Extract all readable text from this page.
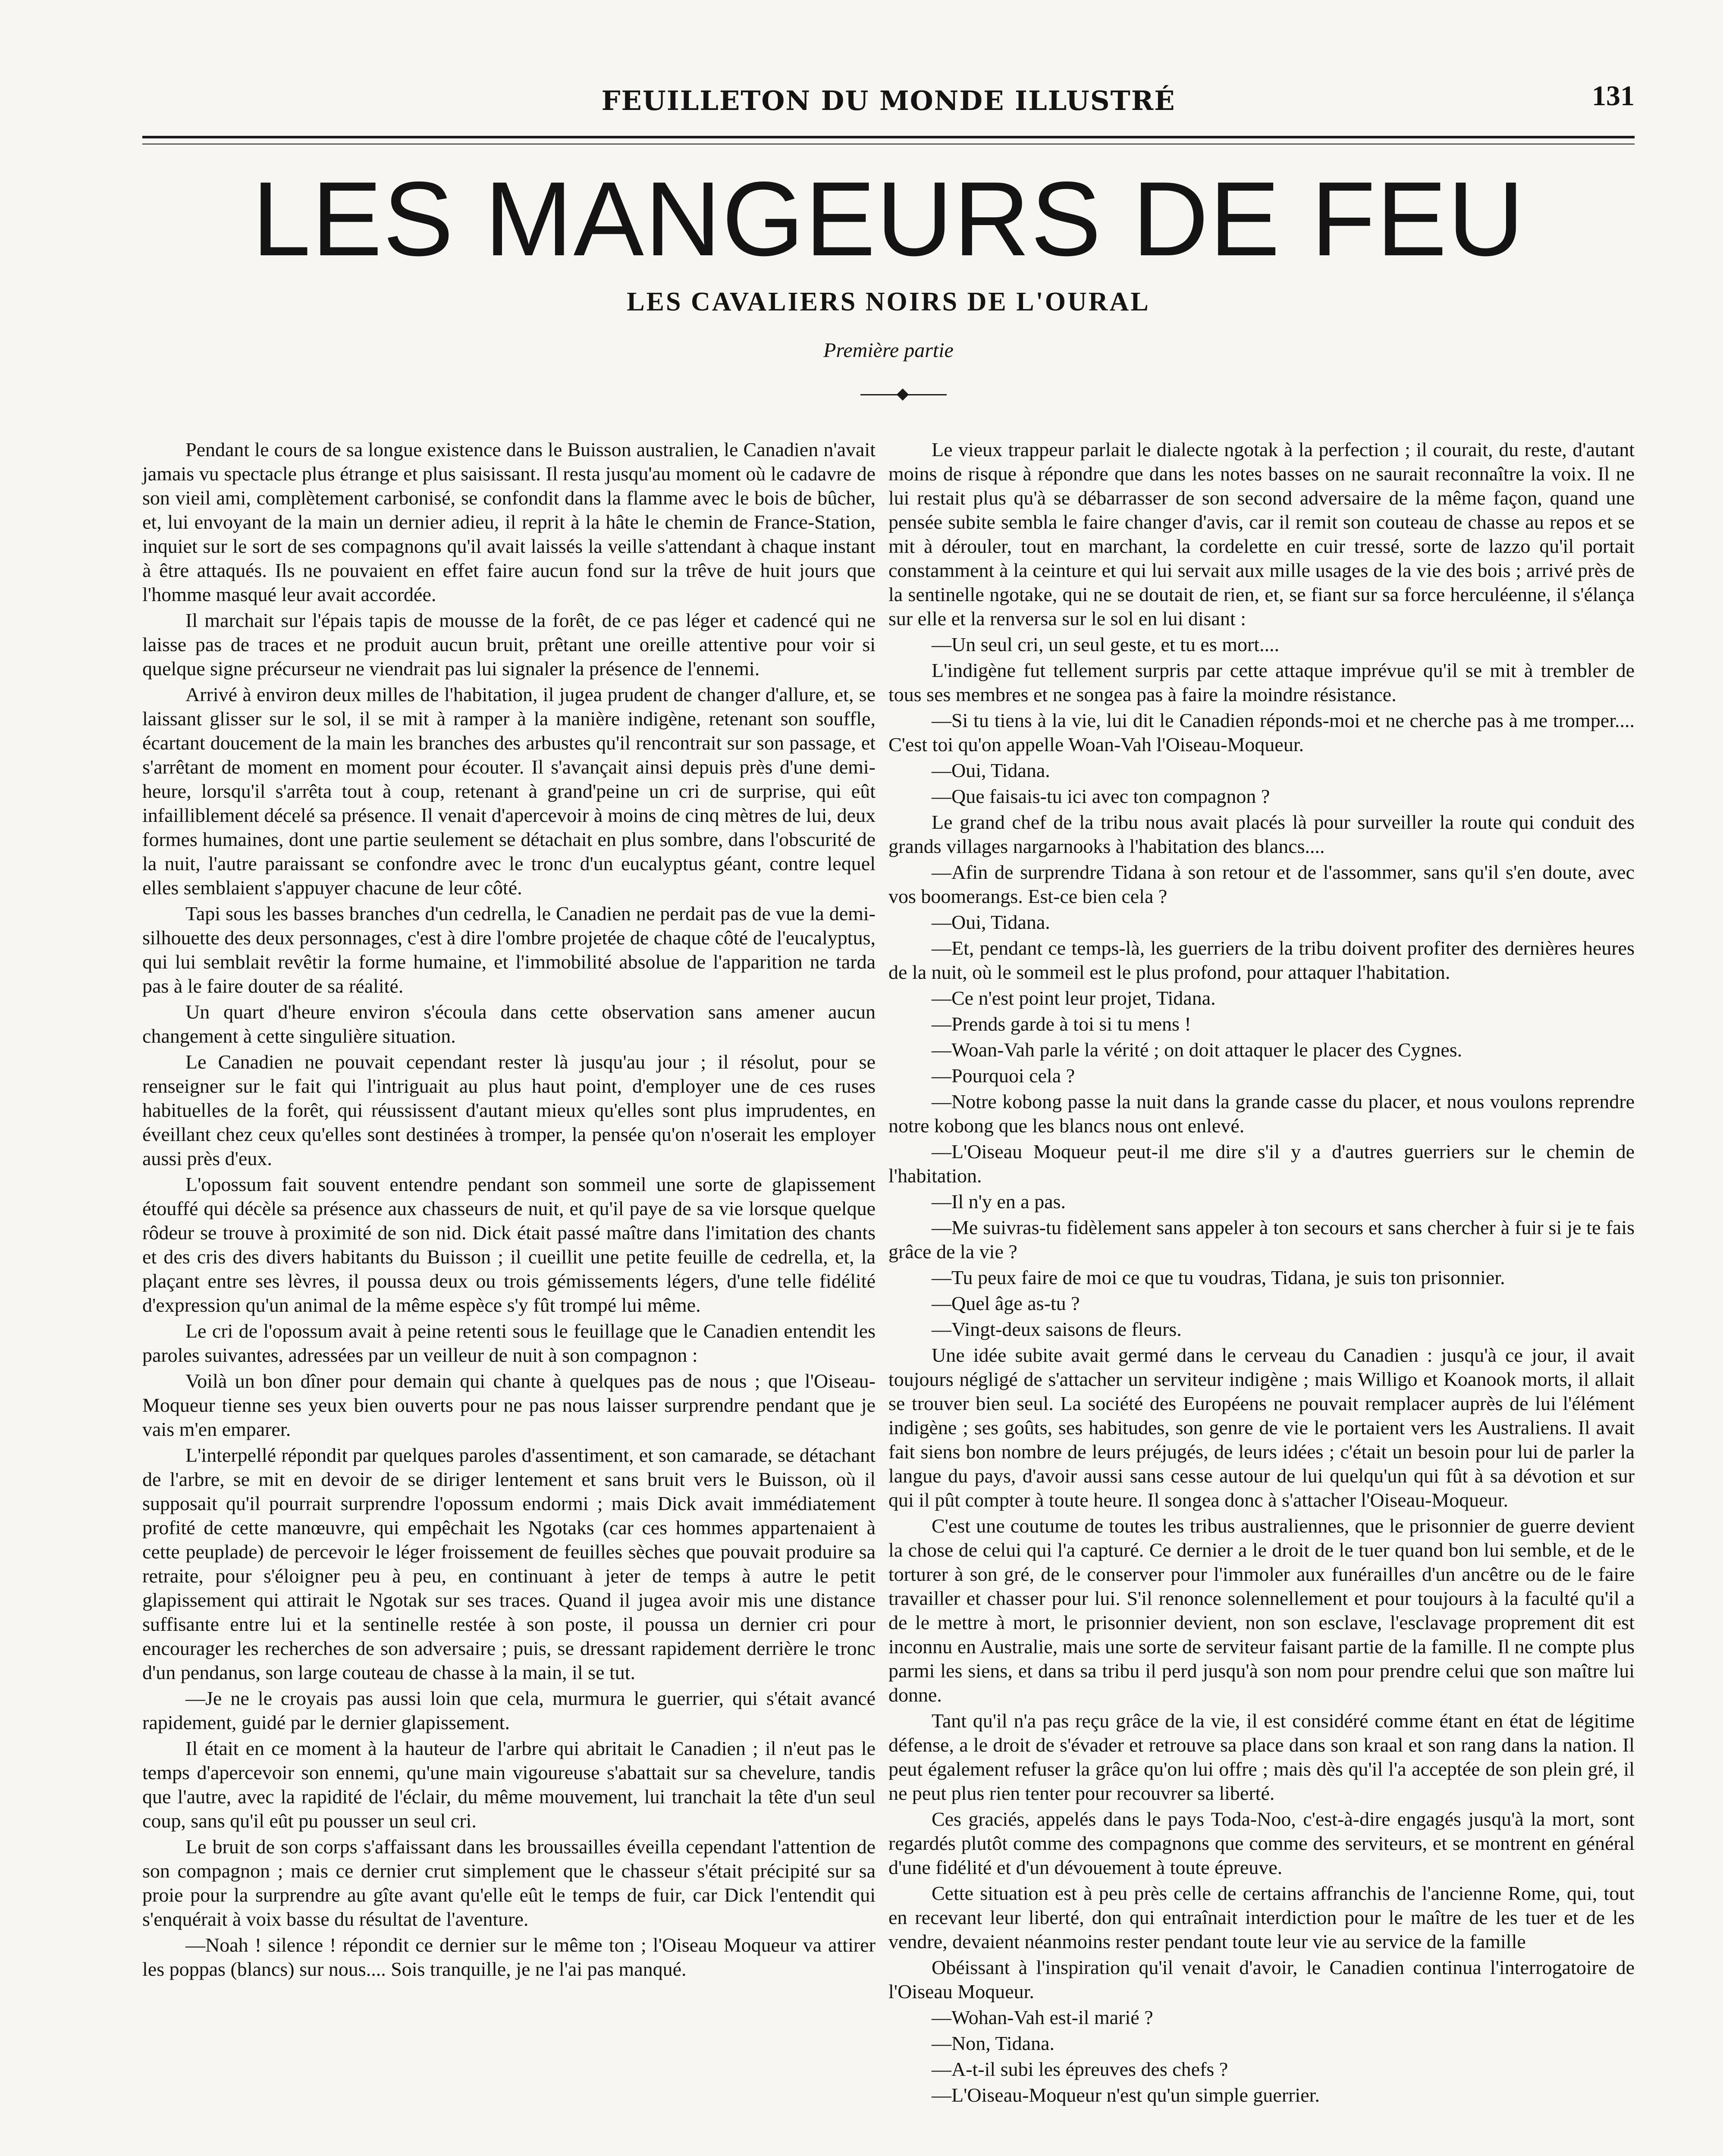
FEUILLETON DU MONDE ILLUSTRÉ	131
LES MANGEURS DE FEU
LES CAVALIERS NOIRS DE L'OURAL
Première partie

Pendant le cours de sa longue existence dans le Buisson australien, le Canadien n'avait jamais vu spectacle plus étrange et plus saisissant. Il resta jusqu'au moment où le cadavre de son vieil ami, complètement carbonisé, se confondit dans la flamme avec le bois de bûcher, et, lui envoyant de la main un dernier adieu, il reprit à la hâte le chemin de France-Station, inquiet sur le sort de ses compagnons qu'il avait laissés la veille s'attendant à chaque instant à être attaqués. Ils ne pouvaient en effet faire aucun fond sur la trêve de huit jours que l'homme masqué leur avait accordée.

Il marchait sur l'épais tapis de mousse de la forêt, de ce pas léger et cadencé qui ne laisse pas de traces et ne produit aucun bruit, prêtant une oreille attentive pour voir si quelque signe précurseur ne viendrait pas lui signaler la présence de l'ennemi.

Arrivé à environ deux milles de l'habitation, il jugea prudent de changer d'allure, et, se laissant glisser sur le sol, il se mit à ramper à la manière indigène, retenant son souffle, écartant doucement de la main les branches des arbustes qu'il rencontrait sur son passage, et s'arrêtant de moment en moment pour écouter. Il s'avançait ainsi depuis près d'une demi-heure, lorsqu'il s'arrêta tout à coup, retenant à grand'peine un cri de surprise, qui eût infailliblement décelé sa présence. Il venait d'apercevoir à moins de cinq mètres de lui, deux formes humaines, dont une partie seulement se détachait en plus sombre, dans l'obscurité de la nuit, l'autre paraissant se confondre avec le tronc d'un eucalyptus géant, contre lequel elles semblaient s'appuyer chacune de leur côté.

Tapi sous les basses branches d'un cedrella, le Canadien ne perdait pas de vue la demi-silhouette des deux personnages, c'est à dire l'ombre projetée de chaque côté de l'eucalyptus, qui lui semblait revêtir la forme humaine, et l'immobilité absolue de l'apparition ne tarda pas à le faire douter de sa réalité.

Un quart d'heure environ s'écoula dans cette observation sans amener aucun changement à cette singulière situation.

Le Canadien ne pouvait cependant rester là jusqu'au jour ; il résolut, pour se renseigner sur le fait qui l'intriguait au plus haut point, d'employer une de ces ruses habituelles de la forêt, qui réussissent d'autant mieux qu'elles sont plus imprudentes, en éveillant chez ceux qu'elles sont destinées à tromper, la pensée qu'on n'oserait les employer aussi près d'eux.

L'opossum fait souvent entendre pendant son sommeil une sorte de glapissement étouffé qui décèle sa présence aux chasseurs de nuit, et qu'il paye de sa vie lorsque quelque rôdeur se trouve à proximité de son nid. Dick était passé maître dans l'imitation des chants et des cris des divers habitants du Buisson ; il cueillit une petite feuille de cedrella, et, la plaçant entre ses lèvres, il poussa deux ou trois gémissements légers, d'une telle fidélité d'expression qu'un animal de la même espèce s'y fût trompé lui même.

Le cri de l'opossum avait à peine retenti sous le feuillage que le Canadien entendit les paroles suivantes, adressées par un veilleur de nuit à son compagnon :

Voilà un bon dîner pour demain qui chante à quelques pas de nous ; que l'Oiseau-Moqueur tienne ses yeux bien ouverts pour ne pas nous laisser surprendre pendant que je vais m'en emparer.

L'interpellé répondit par quelques paroles d'assentiment, et son camarade, se détachant de l'arbre, se mit en devoir de se diriger lentement et sans bruit vers le Buisson, où il supposait qu'il pourrait surprendre l'opossum endormi ; mais Dick avait immédiatement profité de cette manœuvre, qui empêchait les Ngotaks (car ces hommes appartenaient à cette peuplade) de percevoir le léger froissement de feuilles sèches que pouvait produire sa retraite, pour s'éloigner peu à peu, en continuant à jeter de temps à autre le petit glapissement qui attirait le Ngotak sur ses traces. Quand il jugea avoir mis une distance suffisante entre lui et la sentinelle restée à son poste, il poussa un dernier cri pour encourager les recherches de son adversaire ; puis, se dressant rapidement derrière le tronc d'un pendanus, son large couteau de chasse à la main, il se tut.

—Je ne le croyais pas aussi loin que cela, murmura le guerrier, qui s'était avancé rapidement, guidé par le dernier glapissement.

Il était en ce moment à la hauteur de l'arbre qui abritait le Canadien ; il n'eut pas le temps d'apercevoir son ennemi, qu'une main vigoureuse s'abattait sur sa chevelure, tandis que l'autre, avec la rapidité de l'éclair, du même mouvement, lui tranchait la tête d'un seul coup, sans qu'il eût pu pousser un seul cri.

Le bruit de son corps s'affaissant dans les broussailles éveilla cependant l'attention de son compagnon ; mais ce dernier crut simplement que le chasseur s'était précipité sur sa proie pour la surprendre au gîte avant qu'elle eût le temps de fuir, car Dick l'entendit qui s'enquérait à voix basse du résultat de l'aventure.

—Noah ! silence ! répondit ce dernier sur le même ton ; l'Oiseau Moqueur va attirer les poppas (blancs) sur nous.... Sois tranquille, je ne l'ai pas manqué.

Le vieux trappeur parlait le dialecte ngotak à la perfection ; il courait, du reste, d'autant moins de risque à répondre que dans les notes basses on ne saurait reconnaître la voix. Il ne lui restait plus qu'à se débarrasser de son second adversaire de la même façon, quand une pensée subite sembla le faire changer d'avis, car il remit son couteau de chasse au repos et se mit à dérouler, tout en marchant, la cordelette en cuir tressé, sorte de lazzo qu'il portait constamment à la ceinture et qui lui servait aux mille usages de la vie des bois ; arrivé près de la sentinelle ngotake, qui ne se doutait de rien, et, se fiant sur sa force herculéenne, il s'élança sur elle et la renversa sur le sol en lui disant :

—Un seul cri, un seul geste, et tu es mort....

L'indigène fut tellement surpris par cette attaque imprévue qu'il se mit à trembler de tous ses membres et ne songea pas à faire la moindre résistance.

—Si tu tiens à la vie, lui dit le Canadien réponds-moi et ne cherche pas à me tromper.... C'est toi qu'on appelle Woan-Vah l'Oiseau-Moqueur.

—Oui, Tidana.

—Que faisais-tu ici avec ton compagnon ?

Le grand chef de la tribu nous avait placés là pour surveiller la route qui conduit des grands villages nargarnooks à l'habitation des blancs....

—Afin de surprendre Tidana à son retour et de l'assommer, sans qu'il s'en doute, avec vos boomerangs. Est-ce bien cela ?

—Oui, Tidana.

—Et, pendant ce temps-là, les guerriers de la tribu doivent profiter des dernières heures de la nuit, où le sommeil est le plus profond, pour attaquer l'habitation.

—Ce n'est point leur projet, Tidana.

—Prends garde à toi si tu mens !

—Woan-Vah parle la vérité ; on doit attaquer le placer des Cygnes.

—Pourquoi cela ?

—Notre kobong passe la nuit dans la grande casse du placer, et nous voulons reprendre notre kobong que les blancs nous ont enlevé.

—L'Oiseau Moqueur peut-il me dire s'il y a d'autres guerriers sur le chemin de l'habitation.

—Il n'y en a pas.

—Me suivras-tu fidèlement sans appeler à ton secours et sans chercher à fuir si je te fais grâce de la vie ?

—Tu peux faire de moi ce que tu voudras, Tidana, je suis ton prisonnier.

—Quel âge as-tu ?

—Vingt-deux saisons de fleurs.

Une idée subite avait germé dans le cerveau du Canadien : jusqu'à ce jour, il avait toujours négligé de s'attacher un serviteur indigène ; mais Willigo et Koanook morts, il allait se trouver bien seul. La société des Européens ne pouvait remplacer auprès de lui l'élément indigène ; ses goûts, ses habitudes, son genre de vie le portaient vers les Australiens. Il avait fait siens bon nombre de leurs préjugés, de leurs idées ; c'était un besoin pour lui de parler la langue du pays, d'avoir aussi sans cesse autour de lui quelqu'un qui fût à sa dévotion et sur qui il pût compter à toute heure. Il songea donc à s'attacher l'Oiseau-Moqueur.

C'est une coutume de toutes les tribus australiennes, que le prisonnier de guerre devient la chose de celui qui l'a capturé. Ce dernier a le droit de le tuer quand bon lui semble, et de le torturer à son gré, de le conserver pour l'immoler aux funérailles d'un ancêtre ou de le faire travailler et chasser pour lui. S'il renonce solennellement et pour toujours à la faculté qu'il a de le mettre à mort, le prisonnier devient, non son esclave, l'esclavage proprement dit est inconnu en Australie, mais une sorte de serviteur faisant partie de la famille. Il ne compte plus parmi les siens, et dans sa tribu il perd jusqu'à son nom pour prendre celui que son maître lui donne.

Tant qu'il n'a pas reçu grâce de la vie, il est considéré comme étant en état de légitime défense, a le droit de s'évader et retrouve sa place dans son kraal et son rang dans la nation. Il peut également refuser la grâce qu'on lui offre ; mais dès qu'il l'a acceptée de son plein gré, il ne peut plus rien tenter pour recouvrer sa liberté.

Ces graciés, appelés dans le pays Toda-Noo, c'est-à-dire engagés jusqu'à la mort, sont regardés plutôt comme des compagnons que comme des serviteurs, et se montrent en général d'une fidélité et d'un dévouement à toute épreuve.

Cette situation est à peu près celle de certains affranchis de l'ancienne Rome, qui, tout en recevant leur liberté, don qui entraînait interdiction pour le maître de les tuer et de les vendre, devaient néanmoins rester pendant toute leur vie au service de la famille

Obéissant à l'inspiration qu'il venait d'avoir, le Canadien continua l'interrogatoire de l'Oiseau Moqueur.

—Wohan-Vah est-il marié ?

—Non, Tidana.

—A-t-il subi les épreuves des chefs ?

—L'Oiseau-Moqueur n'est qu'un simple guerrier.
